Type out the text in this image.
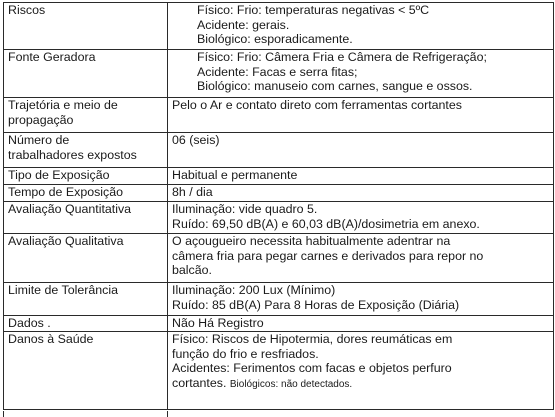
Riscos	Físico: Frio: temperaturas negativas < 5ºC
Acidente: gerais.
Biológico: esporadicamente.

Fonte Geradora	Físico: Frio: Câmera Fria e Câmera de Refrigeração;
Acidente: Facas e serra fitas;
Biológico: manuseio com carnes, sangue e ossos.

Trajetória e meio de
propagação	Pelo o Ar e contato direto com ferramentas cortantes

Número de
trabalhadores expostos	06 (seis)

Tipo de Exposição	Habitual e permanente

Tempo de Exposição	8h / dia

Avaliação Quantitativa	Iluminação: vide quadro 5.
Ruído: 69,50 dB(A) e 60,03 dB(A)/dosimetria em anexo.

Avaliação Qualitativa	O açougueiro necessita habitualmente adentrar na
câmera fria para pegar carnes e derivados para repor no
balcão.

Limite de Tolerância	Iluminação: 200 Lux (Mínimo)
Ruído: 85 dB(A) Para 8 Horas de Exposição (Diária)

Dados .	Não Há Registro

Danos à Saúde	Físico: Riscos de Hipotermia, dores reumáticas em
função do frio e resfriados.
Acidentes: Ferimentos com facas e objetos perfuro
cortantes. Biológicos: não detectados.
